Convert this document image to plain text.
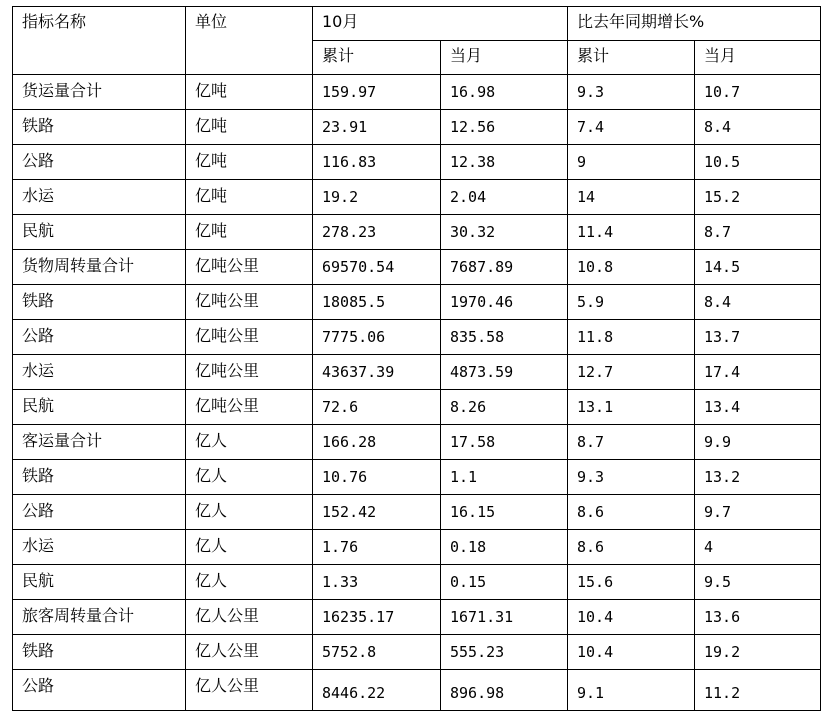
指标名称	单位	10月		比去年同期增长%	
		累计	当月	累计	当月
货运量合计	亿吨	159.97	16.98	9.3	10.7
铁路	亿吨	23.91	12.56	7.4	8.4
公路	亿吨	116.83	12.38	9	10.5
水运	亿吨	19.2	2.04	14	15.2
民航	亿吨	278.23	30.32	11.4	8.7
货物周转量合计	亿吨公里	69570.54	7687.89	10.8	14.5
铁路	亿吨公里	18085.5	1970.46	5.9	8.4
公路	亿吨公里	7775.06	835.58	11.8	13.7
水运	亿吨公里	43637.39	4873.59	12.7	17.4
民航	亿吨公里	72.6	8.26	13.1	13.4
客运量合计	亿人	166.28	17.58	8.7	9.9
铁路	亿人	10.76	1.1	9.3	13.2
公路	亿人	152.42	16.15	8.6	9.7
水运	亿人	1.76	0.18	8.6	4
民航	亿人	1.33	0.15	15.6	9.5
旅客周转量合计	亿人公里	16235.17	1671.31	10.4	13.6
铁路	亿人公里	5752.8	555.23	10.4	19.2
公路	亿人公里	8446.22	896.98	9.1	11.2
